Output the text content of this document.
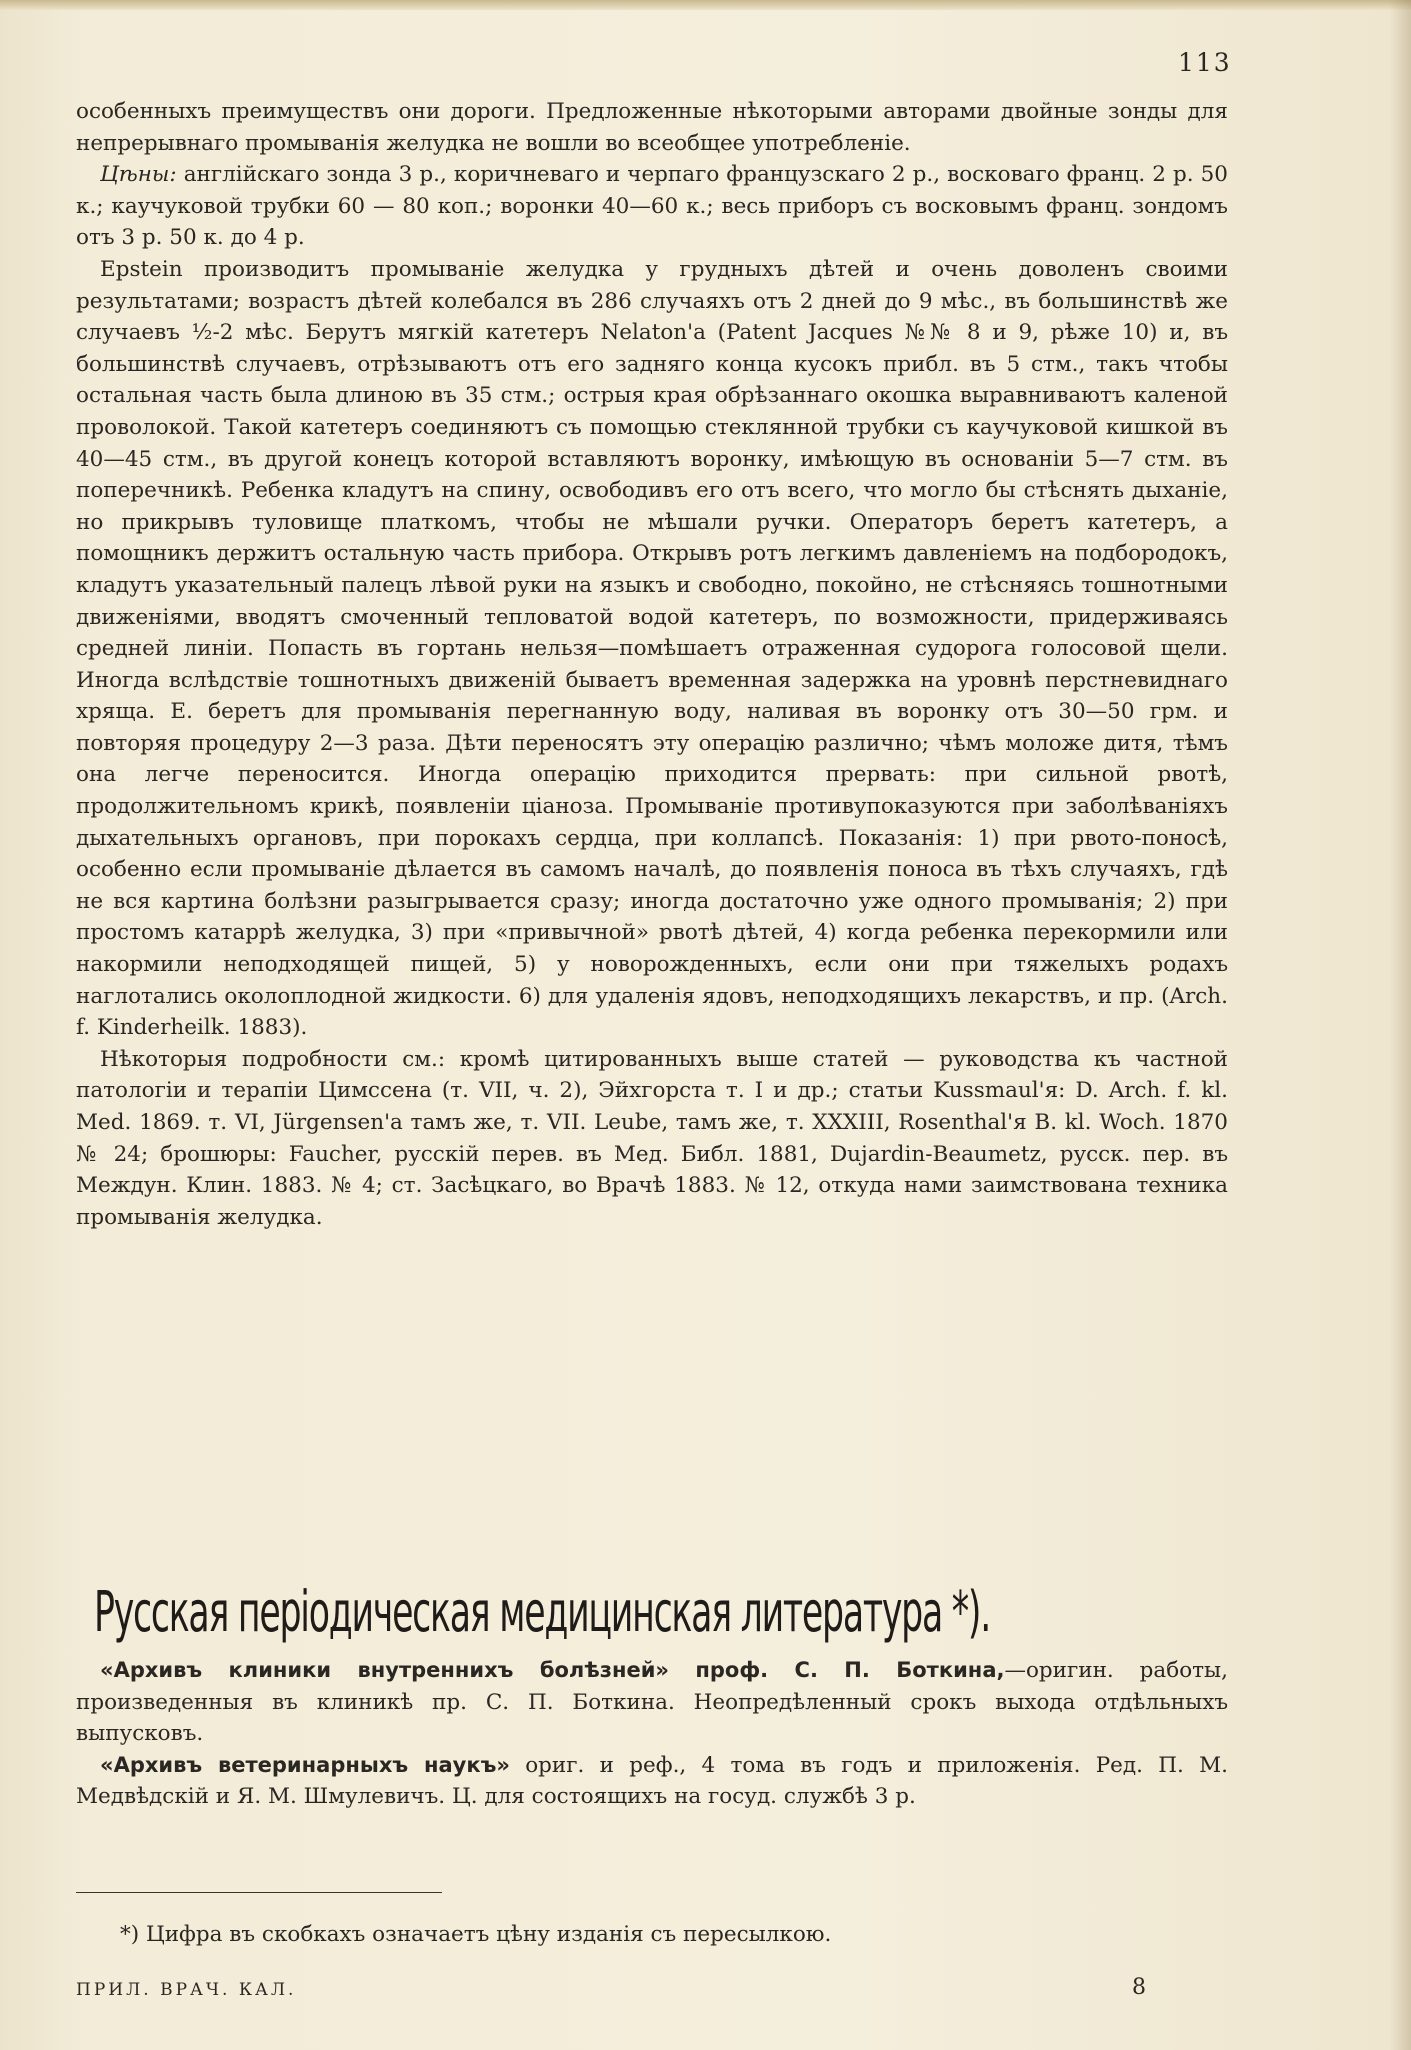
113

особенныхъ преимуществъ они дороги. Предложенные нѣкоторыми авторами двойные зонды для непрерывнаго промыванія желудка не вошли во всеобщее употребленіе.

Цѣны: англійскаго зонда 3 р., коричневаго и черпаго французскаго 2 р., восковаго франц. 2 р. 50 к.; каучуковой трубки 60 — 80 коп.; воронки 40—60 к.; весь приборъ съ восковымъ франц. зондомъ отъ 3 р. 50 к. до 4 р.

Epstein производитъ промываніе желудка у грудныхъ дѣтей и очень доволенъ своими результатами; возрастъ дѣтей колебался въ 286 случаяхъ отъ 2 дней до 9 мѣс., въ большинствѣ же случаевъ ½-2 мѣс. Берутъ мягкій катетеръ Nelaton'a (Patent Jacques №№ 8 и 9, рѣже 10) и, въ большинствѣ случаевъ, отрѣзываютъ отъ его задняго конца кусокъ прибл. въ 5 стм., такъ чтобы остальная часть была длиною въ 35 стм.; острыя края обрѣзаннаго окошка выравниваютъ каленой проволокой. Такой катетеръ соединяютъ съ помощью стеклянной трубки съ каучуковой кишкой въ 40—45 стм., въ другой конецъ которой вставляютъ воронку, имѣющую въ основаніи 5—7 стм. въ поперечникѣ. Ребенка кладутъ на спину, освободивъ его отъ всего, что могло бы стѣснять дыханіе, но прикрывъ туловище платкомъ, чтобы не мѣшали ручки. Операторъ беретъ катетеръ, а помощникъ держитъ остальную часть прибора. Открывъ ротъ легкимъ давленіемъ на подбородокъ, кладутъ указательный палецъ лѣвой руки на языкъ и свободно, покойно, не стѣсняясь тошнотными движеніями, вводятъ смоченный тепловатой водой катетеръ, по возможности, придерживаясь средней линіи. Попасть въ гортань нельзя—помѣшаетъ отраженная судорога голосовой щели. Иногда вслѣдствіе тошнотныхъ движеній бываетъ временная задержка на уровнѣ перстневиднаго хряща. E. беретъ для промыванія перегнанную воду, наливая въ воронку отъ 30—50 грм. и повторяя процедуру 2—3 раза. Дѣти переносятъ эту операцію различно; чѣмъ моложе дитя, тѣмъ она легче переносится. Иногда операцію приходится прервать: при сильной рвотѣ, продолжительномъ крикѣ, появленіи ціаноза. Промываніе противупоказуются при заболѣваніяхъ дыхательныхъ органовъ, при порокахъ сердца, при коллапсѣ. Показанія: 1) при рвото-поносѣ, особенно если промываніе дѣлается въ самомъ началѣ, до появленія поноса въ тѣхъ случаяхъ, гдѣ не вся картина болѣзни разыгрывается сразу; иногда достаточно уже одного промыванія; 2) при простомъ катаррѣ желудка, 3) при «привычной» рвотѣ дѣтей, 4) когда ребенка перекормили или накормили неподходящей пищей, 5) у новорожденныхъ, если они при тяжелыхъ родахъ наглотались околоплодной жидкости. 6) для удаленія ядовъ, неподходящихъ лекарствъ, и пр. (Arch. f. Kinderheilk. 1883).

Нѣкоторыя подробности см.: кромѣ цитированныхъ выше статей — руководства къ частной патологіи и терапіи Цимссена (т. VII, ч. 2), Эйхгорста т. I и др.; статьи Kussmaul'я: D. Arch. f. kl. Med. 1869. т. VI, Jürgensen'a тамъ же, т. VII. Leube, тамъ же, т. XXXIII, Rosenthal'я B. kl. Woch. 1870 № 24; брошюры: Faucher, русскій перев. въ Мед. Библ. 1881, Dujardin-Beaumetz, русск. пер. въ Междун. Клин. 1883. № 4; ст. Засѣцкаго, во Врачѣ 1883. № 12, откуда нами заимствована техника промыванія желудка.

Русская періодическая медицинская литература *).

«Архивъ клиники внутреннихъ болѣзней» проф. С. П. Боткина,—оригин. работы, произведенныя въ клиникѣ пр. С. П. Боткина. Неопредѣленный срокъ выхода отдѣльныхъ выпусковъ.

«Архивъ ветеринарныхъ наукъ» ориг. и реф., 4 тома въ годъ и приложенія. Ред. П. М. Медвѣдскій и Я. М. Шмулевичъ. Ц. для состоящихъ на госуд. службѣ 3 р.

*) Цифра въ скобкахъ означаетъ цѣну изданія съ пересылкою.
ПРИЛ. ВРАЧ. КАЛ.	8
